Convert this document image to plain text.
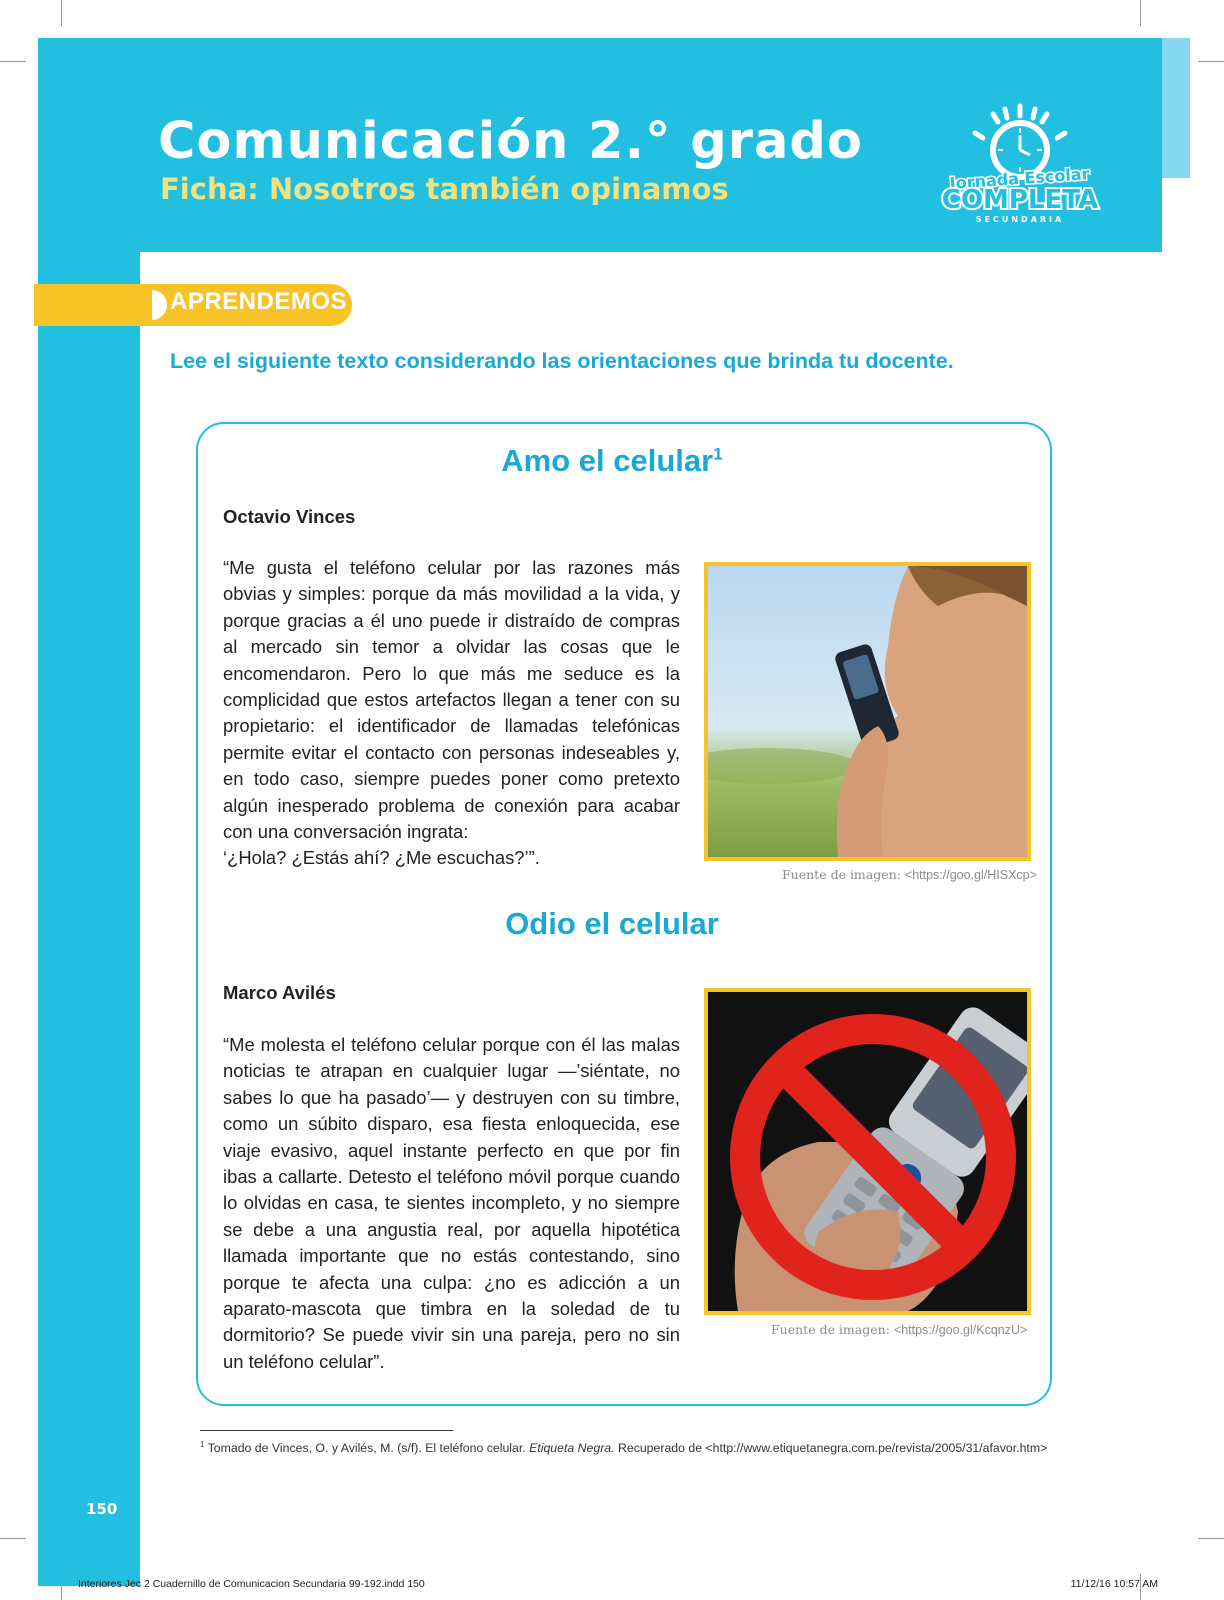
Comunicación 2.° grado
Ficha: Nosotros también opinamos	Jornada Escolar
COMPLETA
SECUNDARIA
APRENDEMOS
Lee el siguiente texto considerando las orientaciones que brinda tu docente.
Amo el celular$^1$
Octavio Vinces
“Me gusta el teléfono celular por las razones más obvias y simples: porque da más movilidad a la vida, y porque gracias a él uno puede ir distraído de compras al mercado sin temor a olvidar las cosas que le encomendaron. Pero lo que más me seduce es la complicidad que estos artefactos llegan a tener con su propietario: el identificador de llamadas telefónicas permite evitar el contacto con personas indeseables y, en todo caso, siempre puedes poner como pretexto algún inesperado problema de conexión para acabar con una conversación ingrata:
‘¿Hola? ¿Estás ahí? ¿Me escuchas?’”.
Fuente de imagen: <https://goo.gl/HISXcp>
Odio el celular
Marco Avilés
“Me molesta el teléfono celular porque con él las malas noticias te atrapan en cualquier lugar —’siéntate, no sabes lo que ha pasado’— y destruyen con su timbre, como un súbito disparo, esa fiesta enloquecida, ese viaje evasivo, aquel instante perfecto en que por fin ibas a callarte. Detesto el teléfono móvil porque cuando lo olvidas en casa, te sientes incompleto, y no siempre se debe a una angustia real, por aquella hipotética llamada importante que no estás contestando, sino porque te afecta una culpa: ¿no es adicción a un aparato-mascota que timbra en la soledad de tu dormitorio? Se puede vivir sin una pareja, pero no sin un teléfono celular”.
Fuente de imagen: <https://goo.gl/KcqnzU>
$^1$ Tomado de Vinces, O. y Avilés, M. (s/f). El teléfono celular. Etiqueta Negra. Recuperado de <http://www.etiquetanegra.com.pe/revista/2005/31/afavor.htm>
150
Interiores Jec 2 Cuadernillo de Comunicacion Secundaria 99-192.indd 150	11/12/16 10:57 AM
